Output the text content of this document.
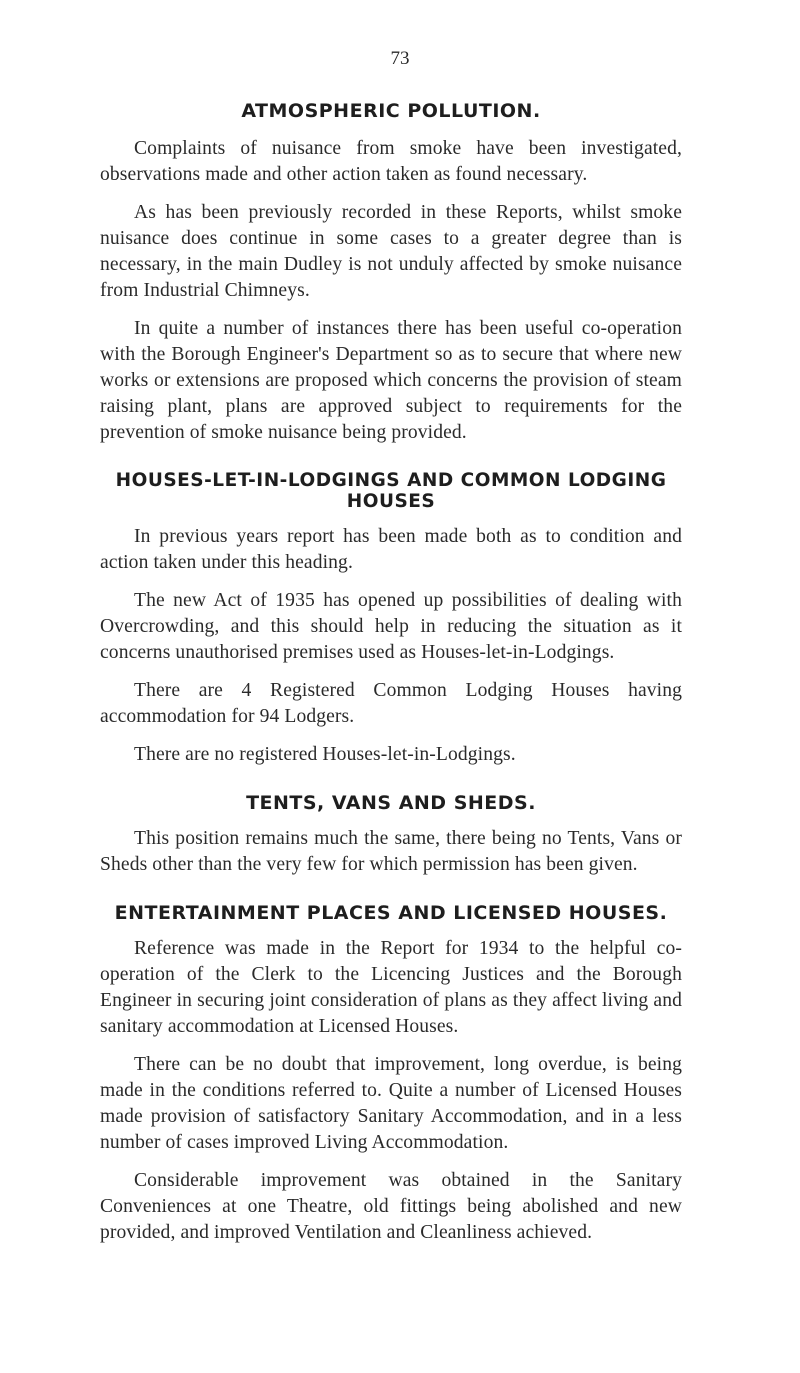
73
ATMOSPHERIC POLLUTION.

Complaints of nuisance from smoke have been investigated, observations made and other action taken as found necessary.

As has been previously recorded in these Reports, whilst smoke nuisance does continue in some cases to a greater degree than is necessary, in the main Dudley is not unduly affected by smoke nuisance from Industrial Chimneys.

In quite a number of instances there has been useful co-operation with the Borough Engineer's Department so as to secure that where new works or extensions are proposed which concerns the provision of steam raising plant, plans are approved subject to requirements for the prevention of smoke nuisance being provided.

HOUSES-LET-IN-LODGINGS AND COMMON LODGING HOUSES

In previous years report has been made both as to condition and action taken under this heading.

The new Act of 1935 has opened up possibilities of dealing with Overcrowding, and this should help in reducing the situation as it concerns unauthorised premises used as Houses-let-in-Lodgings.

There are 4 Registered Common Lodging Houses having accommodation for 94 Lodgers.

There are no registered Houses-let-in-Lodgings.

TENTS, VANS AND SHEDS.

This position remains much the same, there being no Tents, Vans or Sheds other than the very few for which permission has been given.

ENTERTAINMENT PLACES AND LICENSED HOUSES.

Reference was made in the Report for 1934 to the helpful co-operation of the Clerk to the Licencing Justices and the Borough Engineer in securing joint consideration of plans as they affect living and sanitary accommodation at Licensed Houses.

There can be no doubt that improvement, long overdue, is being made in the conditions referred to. Quite a number of Licensed Houses made provision of satisfactory Sanitary Accommodation, and in a less number of cases improved Living Accommodation.

Considerable improvement was obtained in the Sanitary Conveniences at one Theatre, old fittings being abolished and new provided, and improved Ventilation and Cleanliness achieved.
